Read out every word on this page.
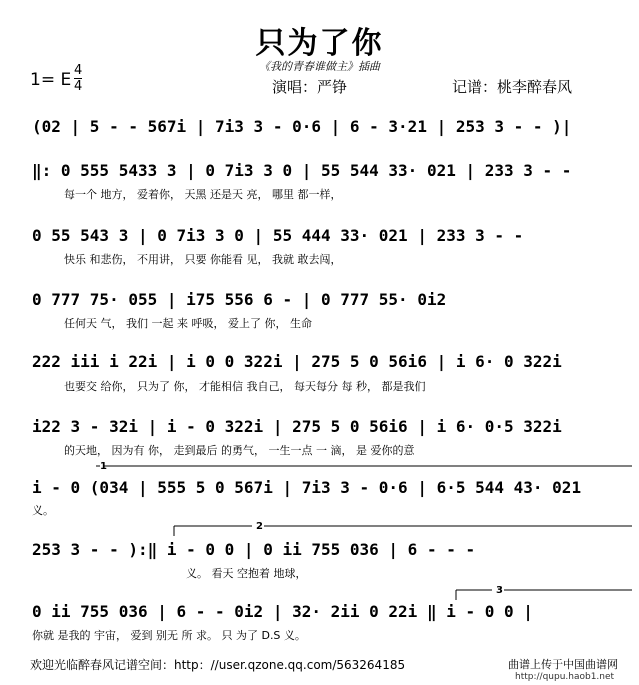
只为了你
《我的青春谁做主》插曲
1= E 4
4	演唱：严铮	记谱：桃李醉春风
(02 | 5 - - 567i | 7i3 3 - 0·6 | 6 - 3·21 | 253 3 - - )|
‖: 0 555 5433 3 | 0 7i3 3 0 | 55 544 33· 021 | 233 3 - -
每一个 地方， 爱着你， 天黑 还是天 亮， 哪里 都一样，
0 55 543 3 | 0 7i3 3 0 | 55 444 33· 021 | 233 3 - -
快乐 和悲伤， 不用讲， 只要 你能看 见， 我就 敢去闯，
0 777 75· 055 | i75 556 6 - | 0 777 55· 0i2
任何天 气， 我们 一起 来 呼吸， 爱上了 你， 生命
222 iii i 22i | i 0 0 322i | 275 5 0 56i6 | i 6· 0 322i
也要交 给你， 只为了 你， 才能相信 我自己， 每天每分 每 秒， 都是我们
i22 3 - 32i | i - 0 322i | 275 5 0 56i6 | i 6· 0·5 322i
的天地， 因为有 你， 走到最后 的勇气， 一生一点 一 滴， 是 爱你的意
1
i - 0 (034 | 555 5 0 567i | 7i3 3 - 0·6 | 6·5 544 43· 021
义。
2
253 3 - - ):‖ i - 0 0 | 0 ii 755 036 | 6 - - -
义。 看天 空抱着 地球，
3
0 ii 755 036 | 6 - - 0i2 | 32· 2ii 0 22i ‖ i - 0 0 |
你就 是我的 宇宙， 爱到 别无 所 求。 只 为了 D.S 义。
欢迎光临醉春风记谱空间：http：//user.qzone.qq.com/563264185	曲谱上传于中国曲谱网
http://qupu.haob1.net
